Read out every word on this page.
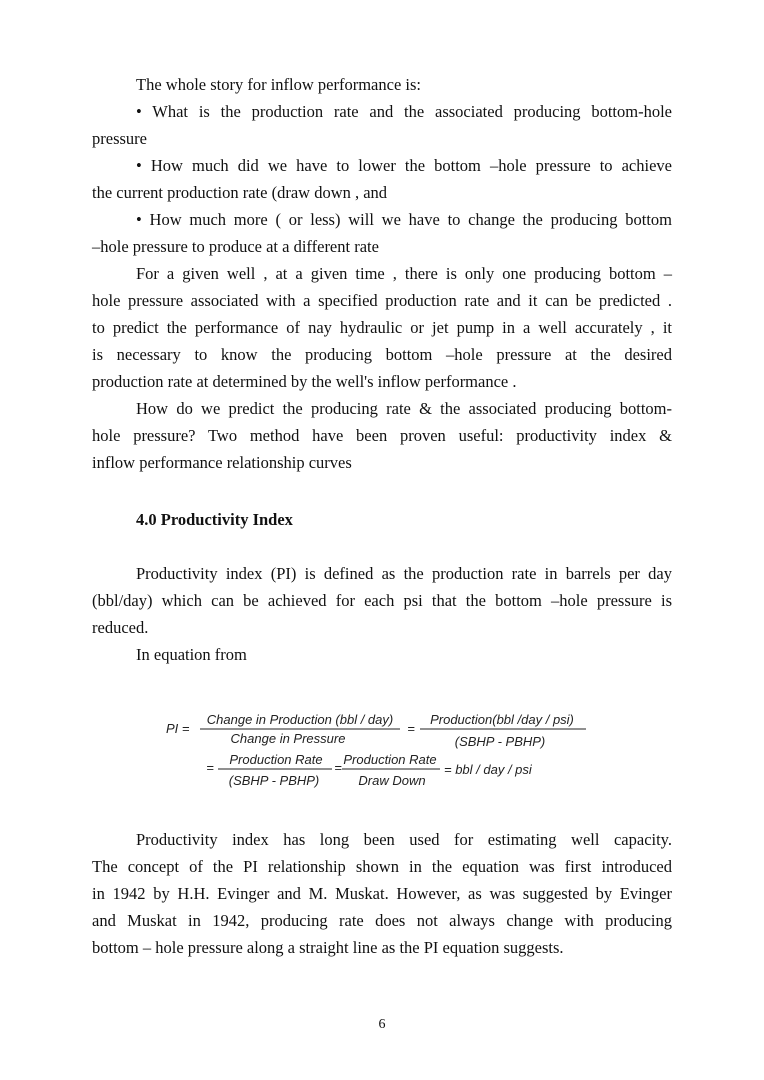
The whole story for inflow performance is:

• What is the production rate and the associated producing bottom-hole

pressure

• How much did we have to lower the bottom –hole pressure to achieve

the current production rate (draw down , and

• How much more ( or less) will we have to change the producing bottom

–hole pressure to produce at a different rate

For a given well , at a given time , there is only one producing bottom –

hole pressure associated with a specified production rate and it can be predicted .

to predict the performance of nay hydraulic or jet pump in a well accurately , it

is necessary to know the producing bottom –hole pressure at the desired

production rate at determined by the well's inflow performance .

How do we predict the producing rate & the associated producing bottom-

hole pressure? Two method have been proven useful: productivity index &

inflow performance relationship curves

4.0 Productivity Index

Productivity index (PI) is defined as the production rate in barrels per day

(bbl/day) which can be achieved for each psi that the bottom –hole pressure is

reduced.

In equation from

PI =
Change in Production (bbl / day)
Change in Pressure
=
Production(bbl /day / psi)
(SBHP - PBHP)
=
Production Rate
(SBHP - PBHP)
=
Production Rate
Draw Down
= bbl / day / psi

Productivity index has long been used for estimating well capacity.

The concept of the PI relationship shown in the equation was first introduced

in 1942 by H.H. Evinger and M. Muskat. However, as was suggested by Evinger

and Muskat in 1942, producing rate does not always change with producing

bottom – hole pressure along a straight line as the PI equation suggests.

6
